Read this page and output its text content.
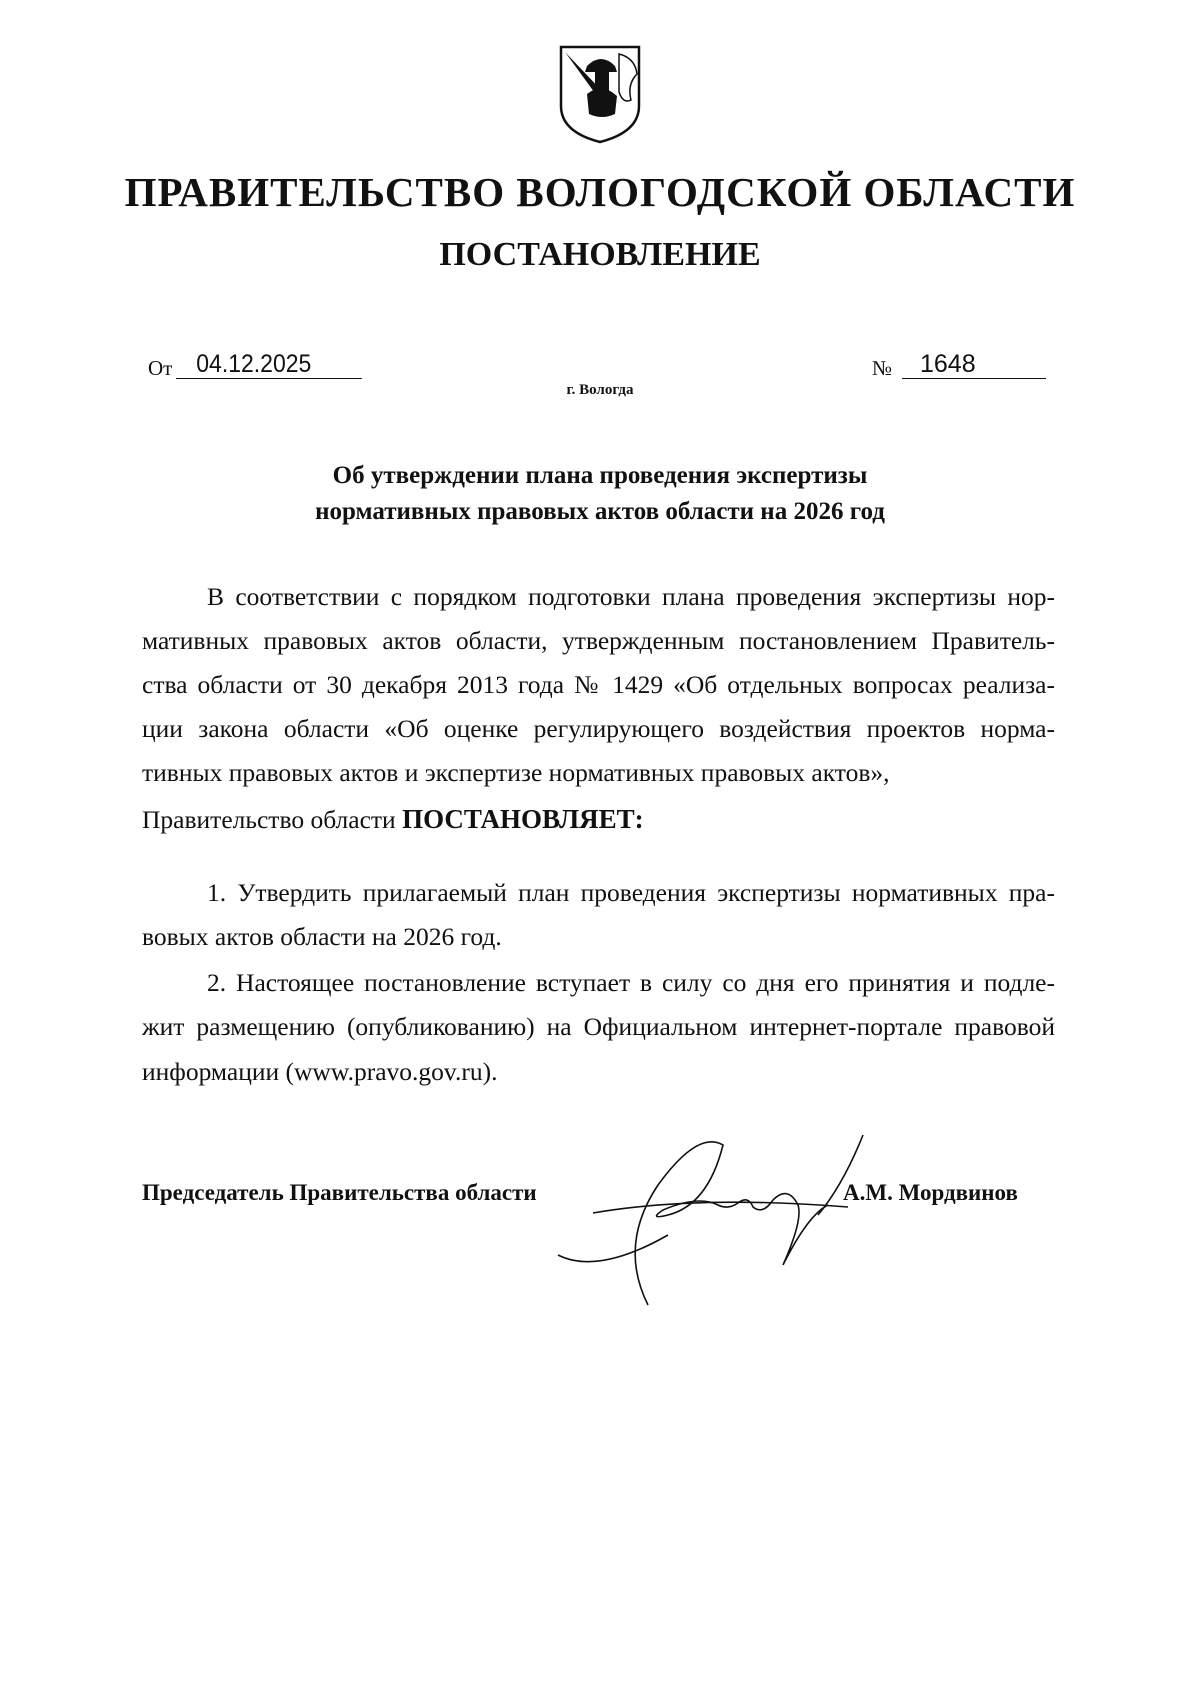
ПРАВИТЕЛЬСТВО ВОЛОГОДСКОЙ ОБЛАСТИ
ПОСТАНОВЛЕНИЕ
От 04.12.2025	№	1648
г. Вологда
Об утверждении плана проведения экспертизы
нормативных правовых актов области на 2026 год
В соответствии с порядком подготовки плана проведения экспертизы нор-
мативных правовых актов области, утвержденным постановлением Правитель-
ства области от 30 декабря 2013 года № 1429 «Об отдельных вопросах реализа-
ции закона области «Об оценке регулирующего воздействия проектов норма-
тивных правовых актов и экспертизе нормативных правовых актов»,
Правительство области ПОСТАНОВЛЯЕТ:
1. Утвердить прилагаемый план проведения экспертизы нормативных пра-
вовых актов области на 2026 год.
2. Настоящее постановление вступает в силу со дня его принятия и подле-
жит размещению (опубликованию) на Официальном интернет-портале правовой
информации (www.pravo.gov.ru).
Председатель Правительства области	А.М. Мордвинов
